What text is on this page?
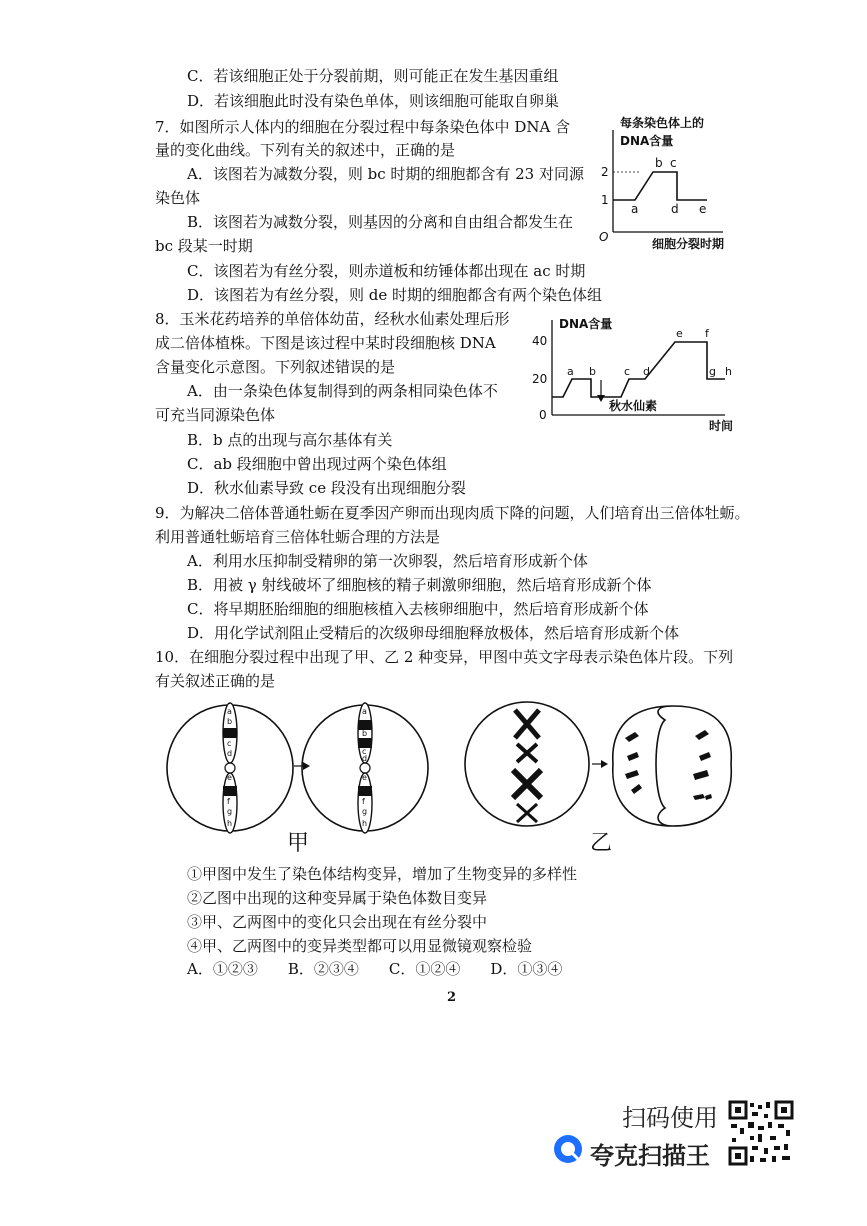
C．若该细胞正处于分裂前期，则可能正在发生基因重组
D．若该细胞此时没有染色单体，则该细胞可能取自卵巢
7．如图所示人体内的细胞在分裂过程中每条染色体中 DNA 含
量的变化曲线。下列有关的叙述中，正确的是
A．该图若为减数分裂，则 bc 时期的细胞都含有 23 对同源
染色体
B．该图若为减数分裂，则基因的分离和自由组合都发生在
bc 段某一时期
C．该图若为有丝分裂，则赤道板和纺锤体都出现在 ac 时期
D．该图若为有丝分裂，则 de 时期的细胞都含有两个染色体组
8．玉米花药培养的单倍体幼苗，经秋水仙素处理后形
成二倍体植株。下图是该过程中某时段细胞核 DNA
含量变化示意图。下列叙述错误的是
A．由一条染色体复制得到的两条相同染色体不
可充当同源染色体
B．b 点的出现与高尔基体有关
C．ab 段细胞中曾出现过两个染色体组
D．秋水仙素导致 ce 段没有出现细胞分裂
9．为解决二倍体普通牡蛎在夏季因产卵而出现肉质下降的问题，人们培育出三倍体牡蛎。
利用普通牡蛎培育三倍体牡蛎合理的方法是
A．利用水压抑制受精卵的第一次卵裂，然后培育形成新个体
B．用被 γ 射线破坏了细胞核的精子刺激卵细胞，然后培育形成新个体
C．将早期胚胎细胞的细胞核植入去核卵细胞中，然后培育形成新个体
D．用化学试剂阻止受精后的次级卵母细胞释放极体，然后培育形成新个体
10．在细胞分裂过程中出现了甲、乙 2 种变异，甲图中英文字母表示染色体片段。下列
有关叙述正确的是
①甲图中发生了染色体结构变异，增加了生物变异的多样性
②乙图中出现的这种变异属于染色体数目变异
③甲、乙两图中的变化只会出现在有丝分裂中
④甲、乙两图中的变异类型都可以用显微镜观察检验
A．①②③　　B．②③④　　C．①②④　　D．①③④
每条染色体上的
DNA含量
O
1
2
a
b c
d e
细胞分裂时期
DNA含量
0
20
40
a b	c d
e f
g h
秋水仙素
时间
a
b
c
d
e
f
g
h
a
b
c
d
e
f
g
h
甲	乙
2
扫码使用
夸克扫描王
